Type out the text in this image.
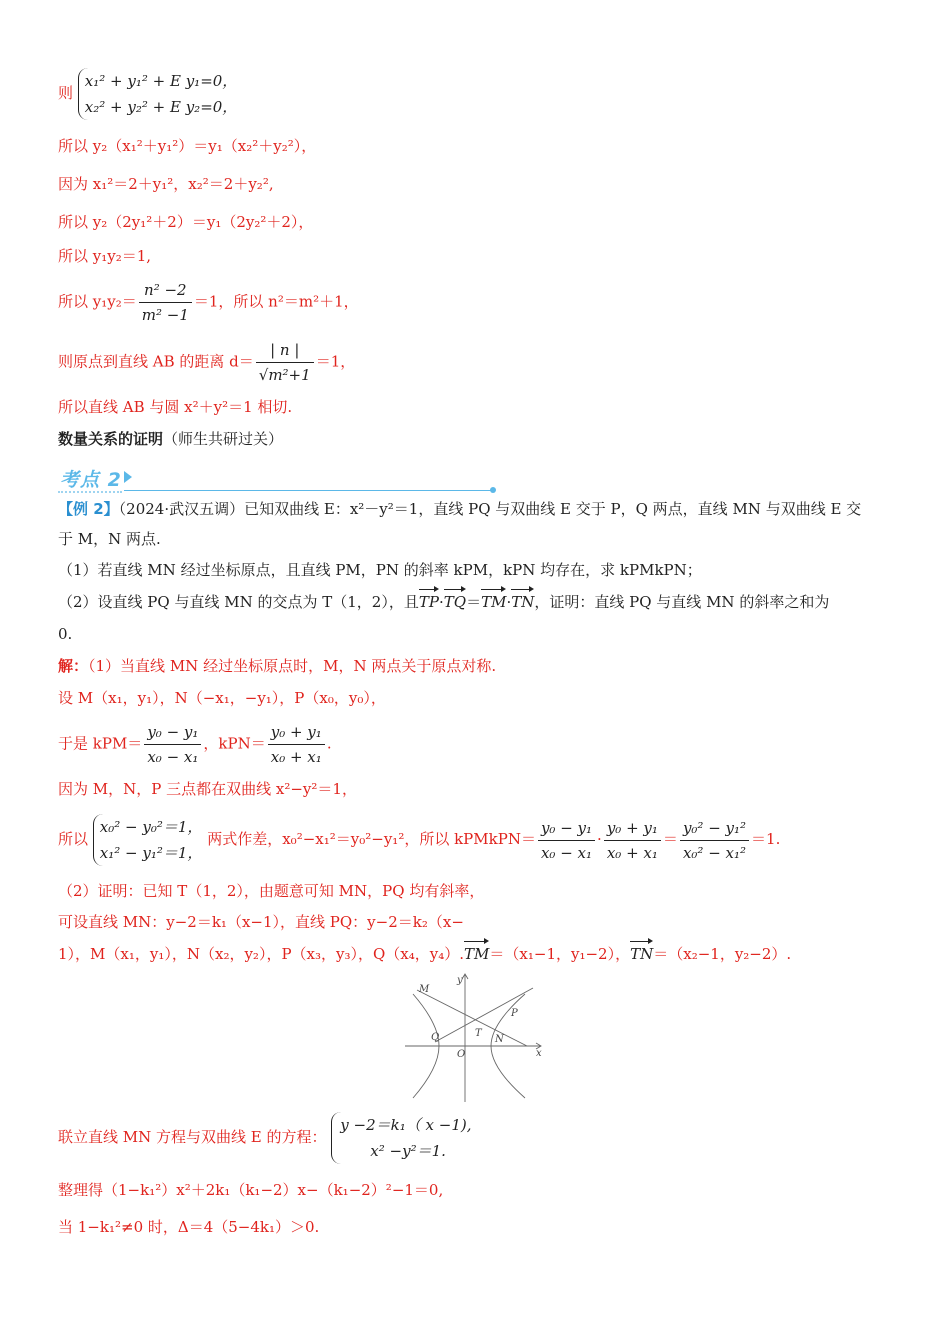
则
x₁² + y₁² + E y₁=0，
x₂² + y₂² + E y₂=0，
所以 y₂（x₁²＋y₁²）＝y₁（x₂²＋y₂²），
因为 x₁²＝2＋y₁²，x₂²＝2＋y₂²,
所以 y₂（2y₁²＋2）＝y₁（2y₂²＋2），
所以 y₁y₂＝1,
所以 $y_1y_2= \frac{\text{n² −2}}{\text{m² −1}} =1$，所以 n²＝m²＋1，
则原点到直线 AB 的距离 $d= \frac{| n |}{\text{√m²+1}} =1$，
所以直线 AB 与圆 x²＋y²＝1 相切.
数量关系的证明（师生共研过关）
考点 2
【例 2】（2024·武汉五调）已知双曲线 E：x²－y²＝1，直线 PQ 与双曲线 E 交于 P，Q 两点，直线 MN 与双曲线 E 交
于 M，N 两点.
（1）若直线 MN 经过坐标原点，且直线 PM，PN 的斜率 kPM，kPN 均存在，求 kPMkPN；
（2）设直线 PQ 与直线 MN 的交点为 T（1，2），且TP·TQ＝TM·TN，证明：直线 PQ 与直线 MN 的斜率之和为
0.
解：（1）当直线 MN 经过坐标原点时，M，N 两点关于原点对称.
设 M（x₁，y₁），N（−x₁，−y₁），P（x₀，y₀），
于是 $kPM= \frac{\text{y₀ − y₁}}{\text{x₀ − x₁}}$ ，$kPN= \frac{\text{y₀ + y₁}}{\text{x₀ + x₁}}$ .
因为 M，N，P 三点都在双曲线 x²−y²＝1，
所以
x₀² − y₀²＝1，
x₁² − y₁²＝1，
两式作差，x₀²−x₁²＝y₀²−y₁²，所以 kPMkPN＝ $\frac{\text{y₀ − y₁}}{\text{x₀ − x₁}} \cdot \frac{\text{y₀ + y₁}}{\text{x₀ + x₁}} = \frac{\text{y₀² − y₁²}}{\text{x₀² − x₁²}} =1$.
（2）证明：已知 T（1，2），由题意可知 MN，PQ 均有斜率，
可设直线 MN：y−2＝k₁（x−1），直线 PQ：y−2＝k₂（x−
1），M（x₁，y₁），N（x₂，y₂），P（x₃，y₃），Q（x₄，y₄）.TM＝（x₁−1，y₁−2），TN＝（x₂−1，y₂−2）.
M
y
P
Q	T
N
O	x
联立直线 MN 方程与双曲线 E 的方程：
y −2＝k₁（ x −1),
x² −y²＝1.
整理得（1−k₁²）x²＋2k₁（k₁−2）x−（k₁−2）²−1＝0,
当 1−k₁²≠0 时，Δ＝4（5−4k₁）＞0.
